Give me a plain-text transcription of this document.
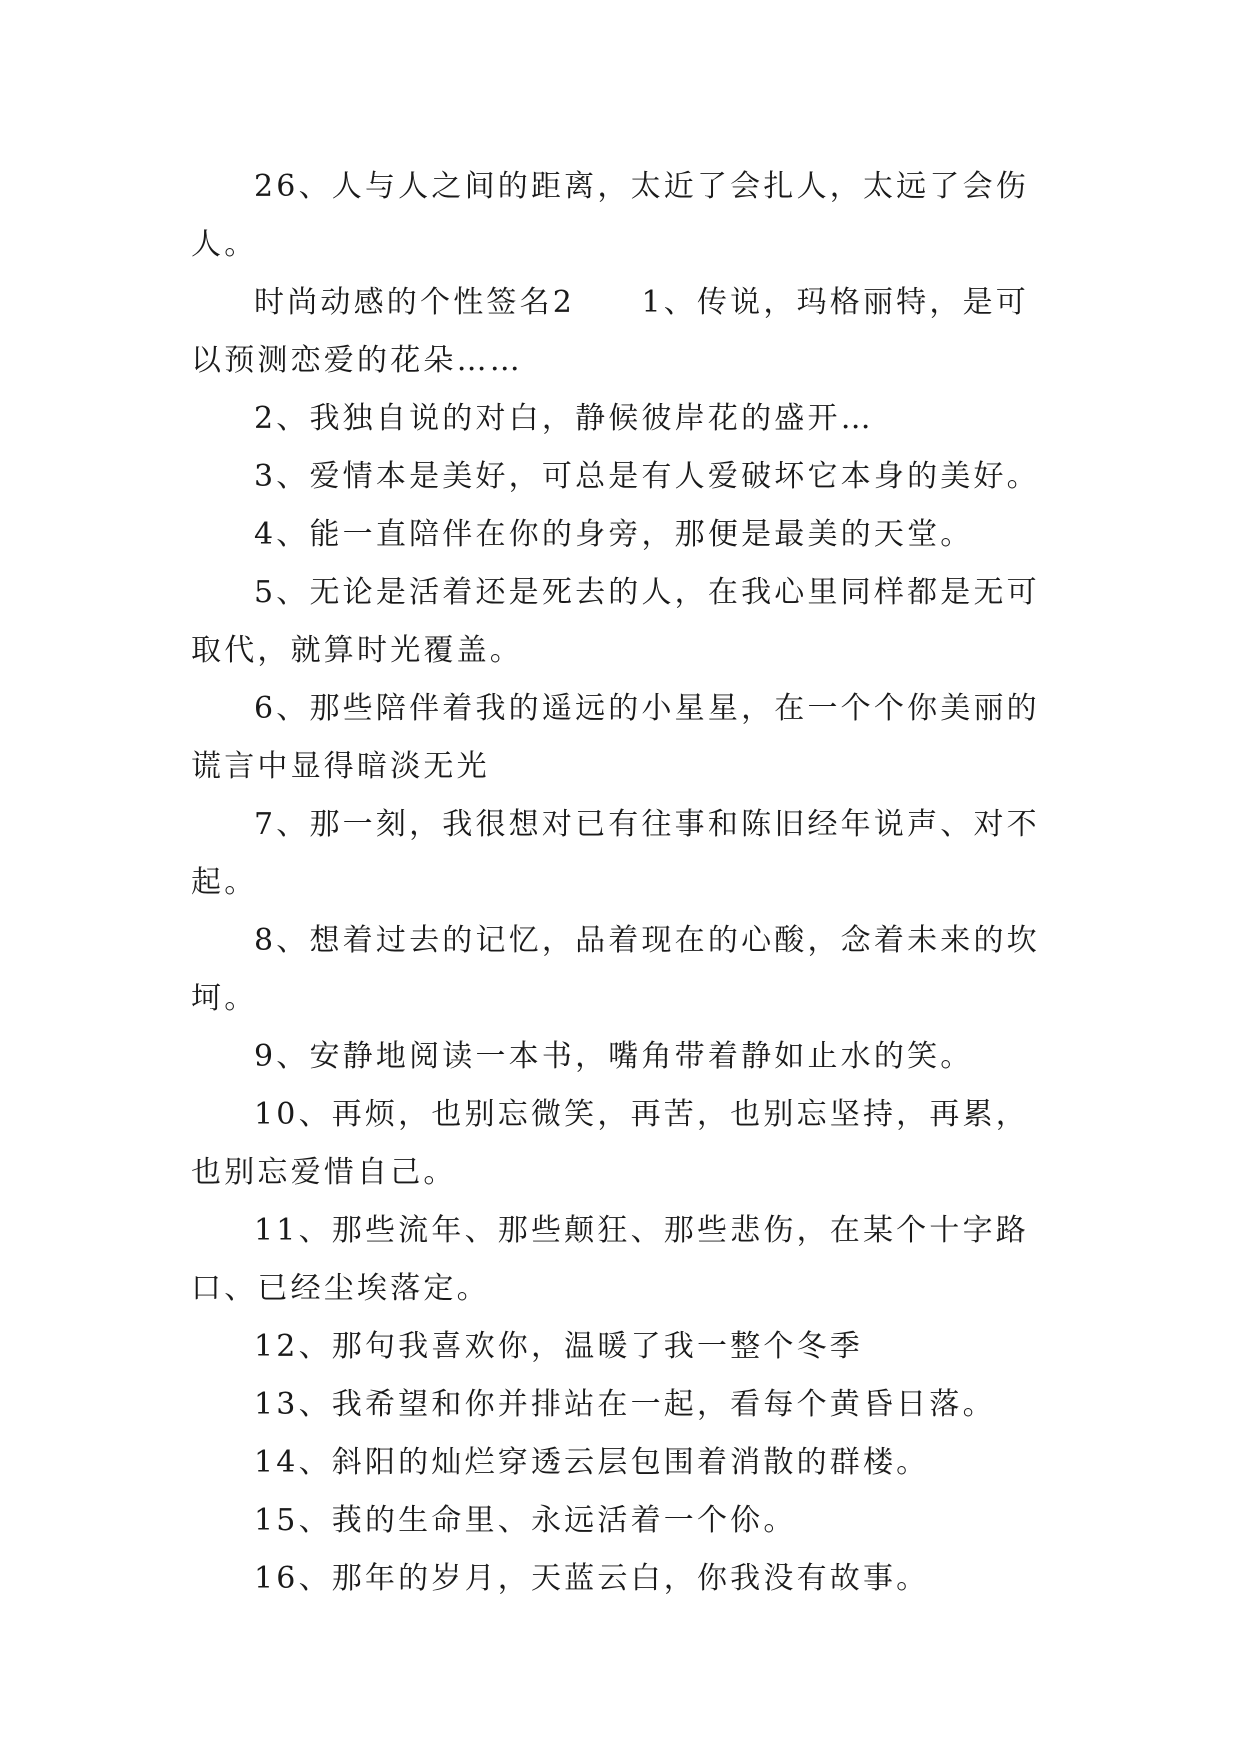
26、人与人之间的距离，太近了会扎人，太远了会伤人。

时尚动感的个性签名2　　1、传说，玛格丽特，是可以预测恋爱的花朵……

2、我独自说的对白，静候彼岸花的盛开…

3、爱情本是美好，可总是有人爱破坏它本身的美好。

4、能一直陪伴在你的身旁，那便是最美的天堂。

5、无论是活着还是死去的人，在我心里同样都是无可取代，就算时光覆盖。

6、那些陪伴着我的遥远的小星星，在一个个你美丽的谎言中显得暗淡无光

7、那一刻，我很想对已有往事和陈旧经年说声、对不起。

8、想着过去的记忆，品着现在的心酸，念着未来的坎坷。

9、安静地阅读一本书，嘴角带着静如止水的笑。

10、再烦，也别忘微笑，再苦，也别忘坚持，再累，也别忘爱惜自己。

11、那些流年、那些颠狂、那些悲伤，在某个十字路口、已经尘埃落定。

12、那句我喜欢你，温暖了我一整个冬季

13、我希望和你并排站在一起，看每个黄昏日落。

14、斜阳的灿烂穿透云层包围着消散的群楼。

15、莪的生命里、永远活着一个伱。

16、那年的岁月，天蓝云白，你我没有故事。
